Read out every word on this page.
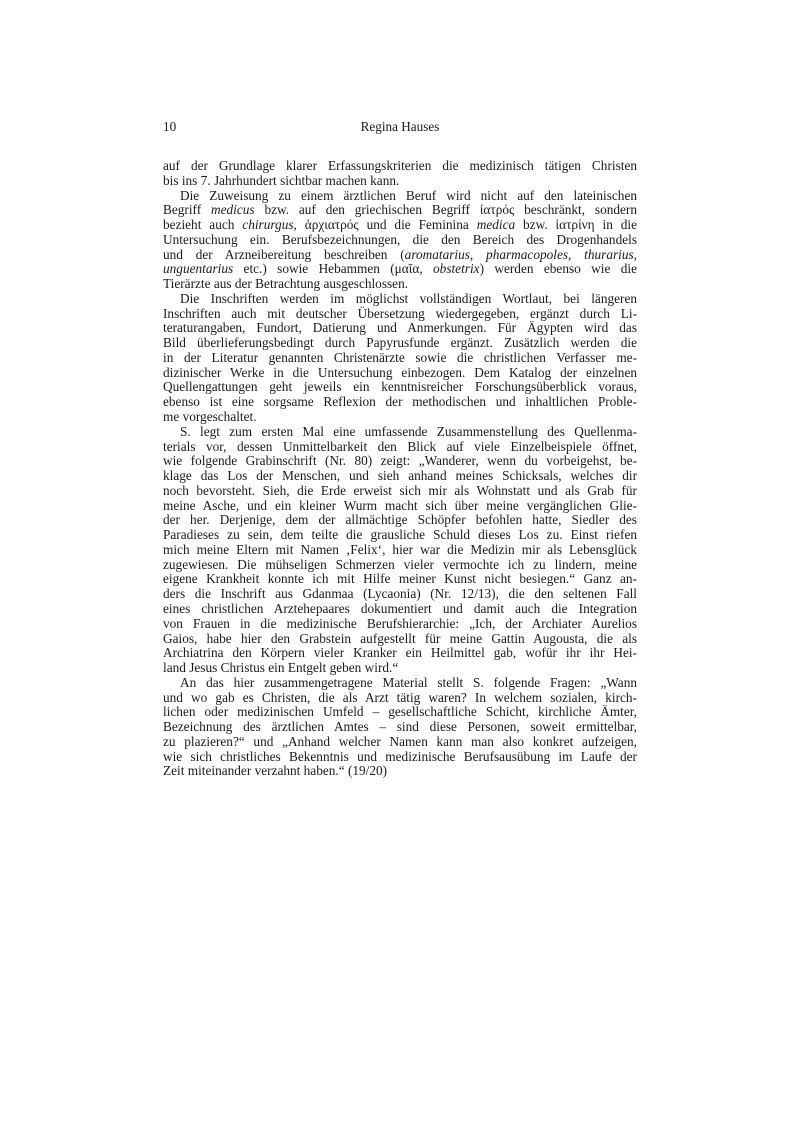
10	Regina Hauses
auf der Grundlage klarer Erfassungskriterien die medizinisch tätigen Christen
bis ins 7. Jahrhundert sichtbar machen kann.
Die Zuweisung zu einem ärztlichen Beruf wird nicht auf den lateinischen
Begriff medicus bzw. auf den griechischen Begriff ἰατρός beschränkt, sondern
bezieht auch chirurgus, ἀρχιατρός und die Feminina medica bzw. ἰατρίνη in die
Untersuchung ein. Berufsbezeichnungen, die den Bereich des Drogenhandels
und der Arzneibereitung beschreiben (aromatarius, pharmacopoles, thurarius,
unguentarius etc.) sowie Hebammen (μαῖα, obstetrix) werden ebenso wie die
Tierärzte aus der Betrachtung ausgeschlossen.
Die Inschriften werden im möglichst vollständigen Wortlaut, bei längeren
Inschriften auch mit deutscher Übersetzung wiedergegeben, ergänzt durch Li-
teraturangaben, Fundort, Datierung und Anmerkungen. Für Ägypten wird das
Bild überlieferungsbedingt durch Papyrusfunde ergänzt. Zusätzlich werden die
in der Literatur genannten Christenärzte sowie die christlichen Verfasser me-
dizinischer Werke in die Untersuchung einbezogen. Dem Katalog der einzelnen
Quellengattungen geht jeweils ein kenntnisreicher Forschungsüberblick voraus,
ebenso ist eine sorgsame Reflexion der methodischen und inhaltlichen Proble-
me vorgeschaltet.
S. legt zum ersten Mal eine umfassende Zusammenstellung des Quellenma-
terials vor, dessen Unmittelbarkeit den Blick auf viele Einzelbeispiele öffnet,
wie folgende Grabinschrift (Nr. 80) zeigt: „Wanderer, wenn du vorbeigehst, be-
klage das Los der Menschen, und sieh anhand meines Schicksals, welches dir
noch bevorsteht. Sieh, die Erde erweist sich mir als Wohnstatt und als Grab für
meine Asche, und ein kleiner Wurm macht sich über meine vergänglichen Glie-
der her. Derjenige, dem der allmächtige Schöpfer befohlen hatte, Siedler des
Paradieses zu sein, dem teilte die grausliche Schuld dieses Los zu. Einst riefen
mich meine Eltern mit Namen ‚Felix‘, hier war die Medizin mir als Lebensglück
zugewiesen. Die mühseligen Schmerzen vieler vermochte ich zu lindern, meine
eigene Krankheit konnte ich mit Hilfe meiner Kunst nicht besiegen.“ Ganz an-
ders die Inschrift aus Gdanmaa (Lycaonia) (Nr. 12/13), die den seltenen Fall
eines christlichen Arztehepaares dokumentiert und damit auch die Integration
von Frauen in die medizinische Berufshierarchie: „Ich, der Archiater Aurelios
Gaios, habe hier den Grabstein aufgestellt für meine Gattin Augousta, die als
Archiatrina den Körpern vieler Kranker ein Heilmittel gab, wofür ihr ihr Hei-
land Jesus Christus ein Entgelt geben wird.“
An das hier zusammengetragene Material stellt S. folgende Fragen: „Wann
und wo gab es Christen, die als Arzt tätig waren? In welchem sozialen, kirch-
lichen oder medizinischen Umfeld – gesellschaftliche Schicht, kirchliche Ämter,
Bezeichnung des ärztlichen Amtes – sind diese Personen, soweit ermittelbar,
zu plazieren?“ und „Anhand welcher Namen kann man also konkret aufzeigen,
wie sich christliches Bekenntnis und medizinische Berufsausübung im Laufe der
Zeit miteinander verzahnt haben.“ (19/20)
